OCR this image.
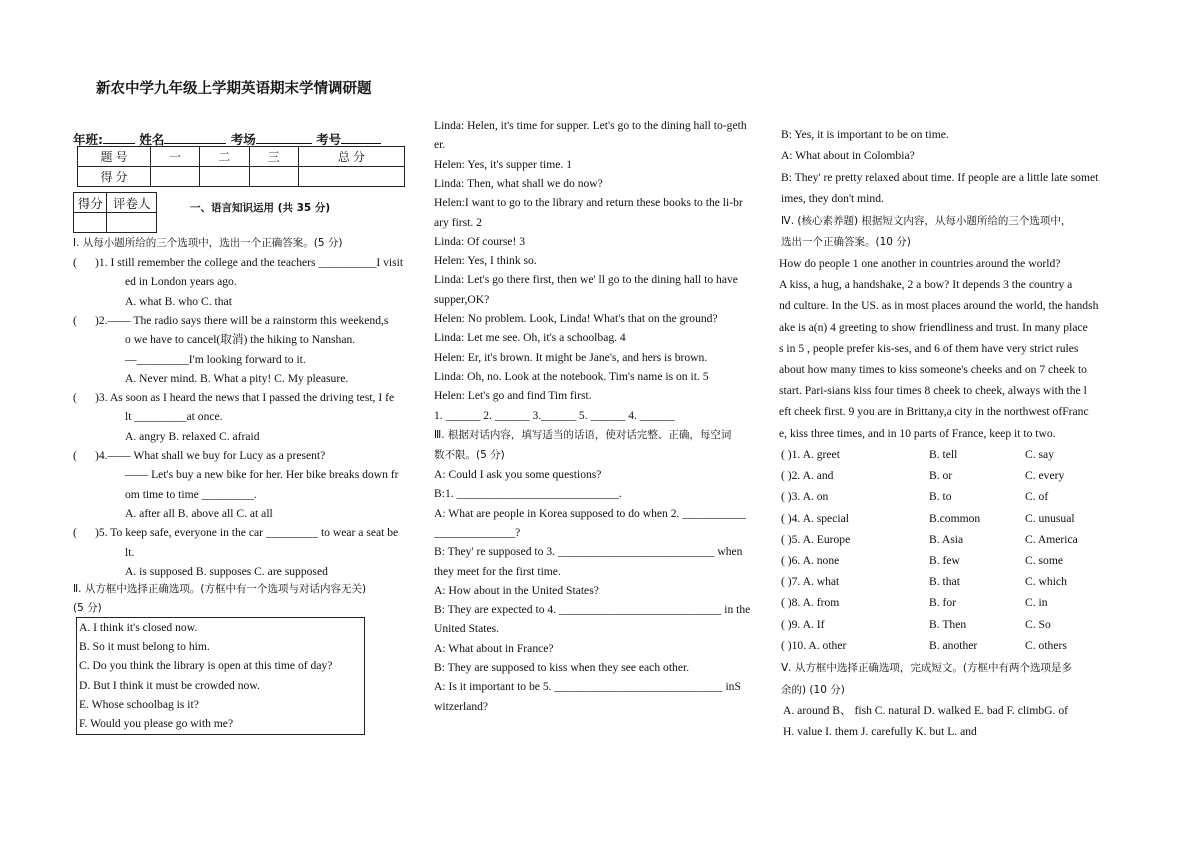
新农中学九年级上学期英语期末学情调研题
年班:	姓名	考场	考号
题 号	一	二	三	总 分
得 分				
得分	评卷人
		一、语言知识运用 (共 35 分)
Ⅰ. 从每小题所给的三个选项中，选出一个正确答案。(5 分)
( )1. I still remember the college and the teachers __________I visit
ed in London years ago.
A. what B. who C. that
( )2.—— The radio says there will be a rainstorm this weekend,s
o we have to cancel(取消) the hiking to Nanshan.
—_________I'm looking forward to it.
A. Never mind. B. What a pity! C. My pleasure.
( )3. As soon as I heard the news that I passed the driving test, I fe
lt _________at once.
A. angry B. relaxed C. afraid
( )4.—— What shall we buy for Lucy as a present?
—— Let's buy a new bike for her. Her bike breaks down fr
om time to time _________.
A. after all B. above all C. at all
( )5. To keep safe, everyone in the car _________ to wear a seat be
lt.
A. is supposed B. supposes C. are supposed
Ⅱ. 从方框中选择正确选项。(方框中有一个选项与对话内容无关)
(5 分)
A. I think it's closed now.
B. So it must belong to him.
C. Do you think the library is open at this time of day?
D. But I think it must be crowded now.
E. Whose schoolbag is it?
F. Would you please go with me?
Linda: Helen, it's time for supper. Let's go to the dining hall to-geth
er.
Helen: Yes, it's supper time. 1
Linda: Then, what shall we do now?
Helen:I want to go to the library and return these books to the li-br
ary first. 2
Linda: Of course! 3
Helen: Yes, I think so.
Linda: Let's go there first, then we' ll go to the dining hall to have
supper,OK?
Helen: No problem. Look, Linda! What's that on the ground?
Linda: Let me see. Oh, it's a schoolbag. 4
Helen: Er, it's brown. It might be Jane's, and hers is brown.
Linda: Oh, no. Look at the notebook. Tim's name is on it. 5
Helen: Let's go and find Tim first.
1. ______ 2. ______ 3.______ 5. ______ 4. ______
Ⅲ. 根据对话内容，填写适当的话语，使对话完整、正确，每空词
数不限。(5 分)
A: Could I ask you some questions?
B:1. ____________________________.
A: What are people in Korea supposed to do when 2. ___________
______________?
B: They' re supposed to 3. ___________________________ when
they meet for the first time.
A: How about in the United States?
B: They are expected to 4. ____________________________ in the
United States.
A: What about in France?
B: They are supposed to kiss when they see each other.
A: Is it important to be 5. _____________________________ inS
witzerland?
B: Yes, it is important to be on time.
A: What about in Colombia?
B: They' re pretty relaxed about time. If people are a little late somet
imes, they don't mind.
Ⅳ. (核心素养题) 根据短文内容，从每小题所给的三个选项中，
选出一个正确答案。(10 分)
How do people 1 one another in countries around the world?
A kiss, a hug, a handshake, 2 a bow? It depends 3 the country a
nd culture. In the US. as in most places around the world, the handsh
ake is a(n) 4 greeting to show friendliness and trust. In many place
s in 5 , people prefer kis-ses, and 6 of them have very strict rules
about how many times to kiss someone's cheeks and on 7 cheek to
start. Pari-sians kiss four times 8 cheek to cheek, always with the l
eft cheek first. 9 you are in Brittany,a city in the northwest ofFranc
e, kiss three times, and in 10 parts of France, keep it to two.
( )1. A. greet	B. tell	C. say
( )2. A. and	B. or	C. every
( )3. A. on	B. to	C. of
( )4. A. special	B.common	C. unusual
( )5. A. Europe	B. Asia	C. America
( )6. A. none	B. few	C. some
( )7. A. what	B. that	C. which
( )8. A. from	B. for	C. in
( )9. A. If	B. Then	C. So
( )10. A. other	B. another	C. others
Ⅴ. 从方框中选择正确选项，完成短文。(方框中有两个选项是多
余的) (10 分)
A. around B、 fish C. natural D. walked E. bad F. climbG. of
H. value I. them J. carefully K. but L. and
